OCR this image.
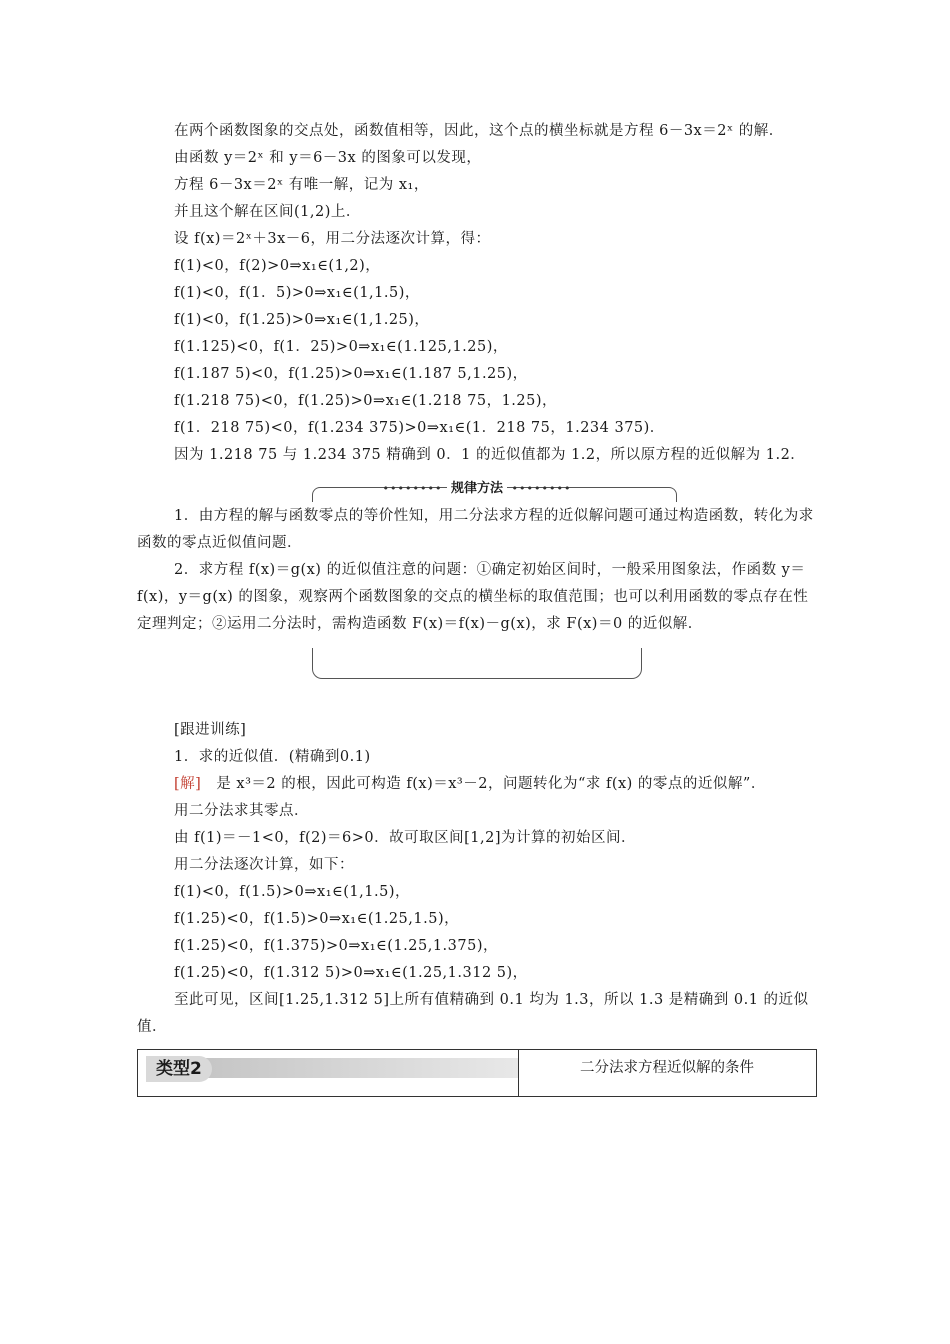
在两个函数图象的交点处，函数值相等，因此，这个点的横坐标就是方程 6－3x＝2ˣ 的解．

由函数 y＝2ˣ 和 y＝6－3x 的图象可以发现，

方程 6－3x＝2ˣ 有唯一解，记为 x₁，

并且这个解在区间(1,2)上．

设 f(x)＝2ˣ＋3x－6，用二分法逐次计算，得：

f(1)<0，f(2)>0⇒x₁∈(1,2)，

f(1)<0，f(1．5)>0⇒x₁∈(1,1.5)，

f(1)<0，f(1.25)>0⇒x₁∈(1,1.25)，

f(1.125)<0，f(1．25)>0⇒x₁∈(1.125,1.25)，

f(1.187 5)<0，f(1.25)>0⇒x₁∈(1.187 5,1.25)，

f(1.218 75)<0，f(1.25)>0⇒x₁∈(1.218 75，1.25)，

f(1．218 75)<0，f(1.234 375)>0⇒x₁∈(1．218 75，1.234 375)．

因为 1.218 75 与 1.234 375 精确到 0．1 的近似值都为 1.2，所以原方程的近似解为 1.2．

•••••••• 规律方法 ••••••••

1．由方程的解与函数零点的等价性知，用二分法求方程的近似解问题可通过构造函数，转化为求函数的零点近似值问题．

2．求方程 f(x)＝g(x) 的近似值注意的问题：①确定初始区间时，一般采用图象法，作函数 y＝f(x)，y＝g(x) 的图象，观察两个函数图象的交点的横坐标的取值范围；也可以利用函数的零点存在性定理判定；②运用二分法时，需构造函数 F(x)＝f(x)－g(x)，求 F(x)＝0 的近似解．

[跟进训练]

1．求的近似值．(精确到0.1)

[解]　 是 x³＝2 的根，因此可构造 f(x)＝x³－2，问题转化为“求 f(x) 的零点的近似解”．

用二分法求其零点．

由 f(1)＝－1<0，f(2)＝6>0．故可取区间[1,2]为计算的初始区间．

用二分法逐次计算，如下：

f(1)<0，f(1.5)>0⇒x₁∈(1,1.5)，

f(1.25)<0，f(1.5)>0⇒x₁∈(1.25,1.5)，

f(1.25)<0，f(1.375)>0⇒x₁∈(1.25,1.375)，

f(1.25)<0，f(1.312 5)>0⇒x₁∈(1.25,1.312 5)，

至此可见，区间[1.25,1.312 5]上所有值精确到 0.1 均为 1.3，所以 1.3 是精确到 0.1 的近似值．

类型2	二分法求方程近似解的条件
